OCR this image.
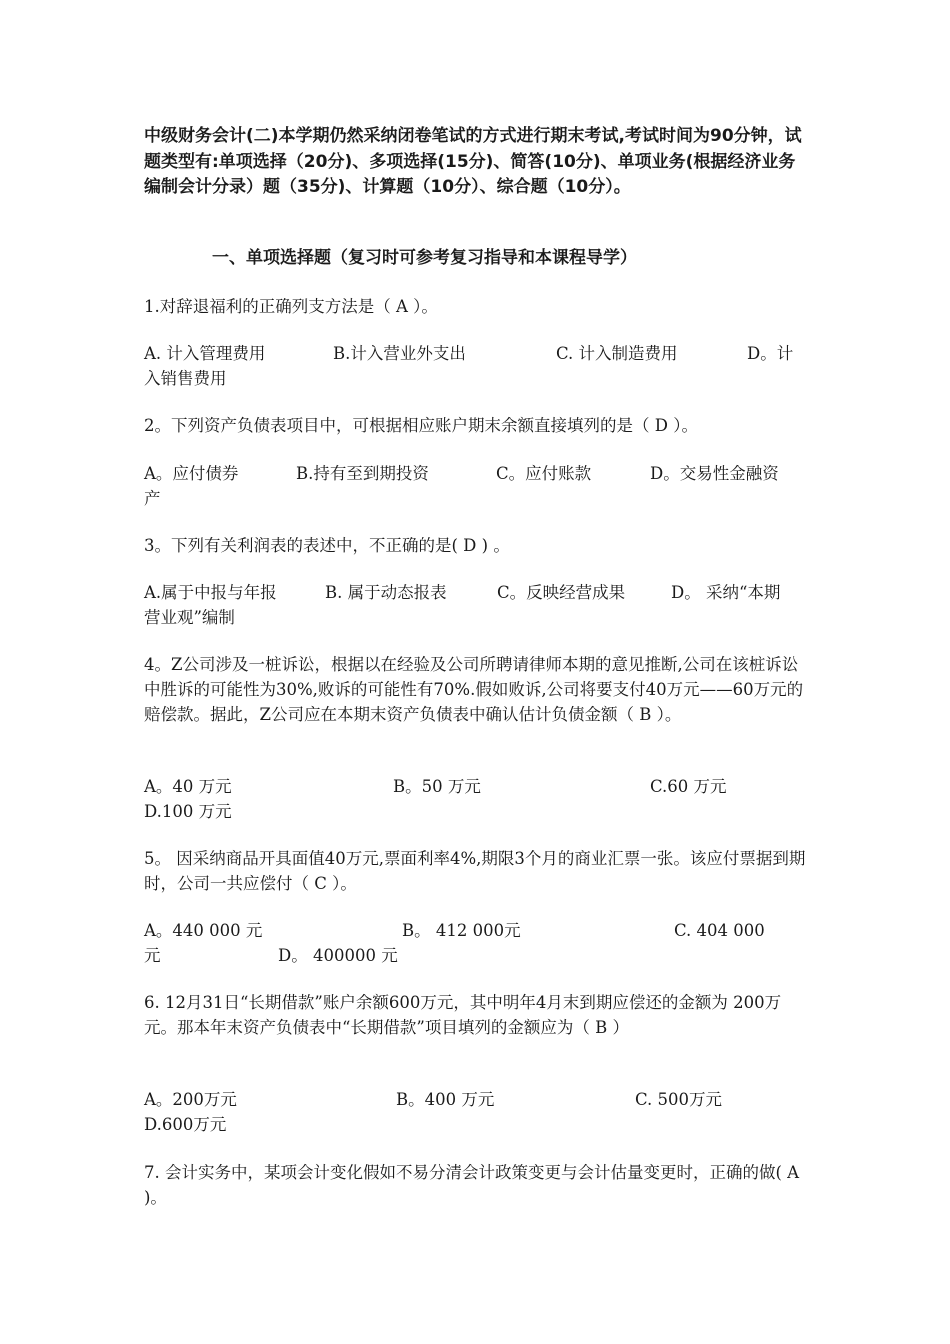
中级财务会计(二)本学期仍然采纳闭卷笔试的方式进行期末考试,考试时间为90分钟，试题类型有:单项选择（20分)、多项选择(15分)、简答(10分)、单项业务(根据经济业务编制会计分录）题（35分)、计算题（10分）、综合题（10分）。

一、单项选择题（复习时可参考复习指导和本课程导学）

1.对辞退福利的正确列支方法是（ A ）。

A. 计入管理费用	B.计入营业外支出	C. 计入制造费用	D。计
入销售费用

2。下列资产负债表项目中，可根据相应账户期末余额直接填列的是（ D ）。

A。应付债券	B.持有至到期投资	C。应付账款	D。交易性金融资
产

3。下列有关利润表的表述中，不正确的是( D ) 。

A.属于中报与年报	B. 属于动态报表	C。反映经营成果	D。 采纳“本期
营业观”编制

4。Z公司涉及一桩诉讼，根据以在经验及公司所聘请律师本期的意见推断,公司在该桩诉讼中胜诉的可能性为30%,败诉的可能性有70%.假如败诉,公司将要支付40万元——60万元的赔偿款。据此，Z公司应在本期末资产负债表中确认估计负债金额（ B ）。

A。40 万元	B。50 万元	C.60 万元
D.100 万元

5。 因采纳商品开具面值40万元,票面利率4%,期限3个月的商业汇票一张。该应付票据到期时，公司一共应偿付（ C ）。

A。440 000 元	B。 412 000元	C. 404 000
元	D。 400000 元

6. 12月31日“长期借款”账户余额600万元，其中明年4月末到期应偿还的金额为 200万元。那本年末资产负债表中“长期借款”项目填列的金额应为（ B ）

A。200万元	B。400 万元	C. 500万元
D.600万元

7. 会计实务中，某项会计变化假如不易分清会计政策变更与会计估量变更时，正确的做( A )。
